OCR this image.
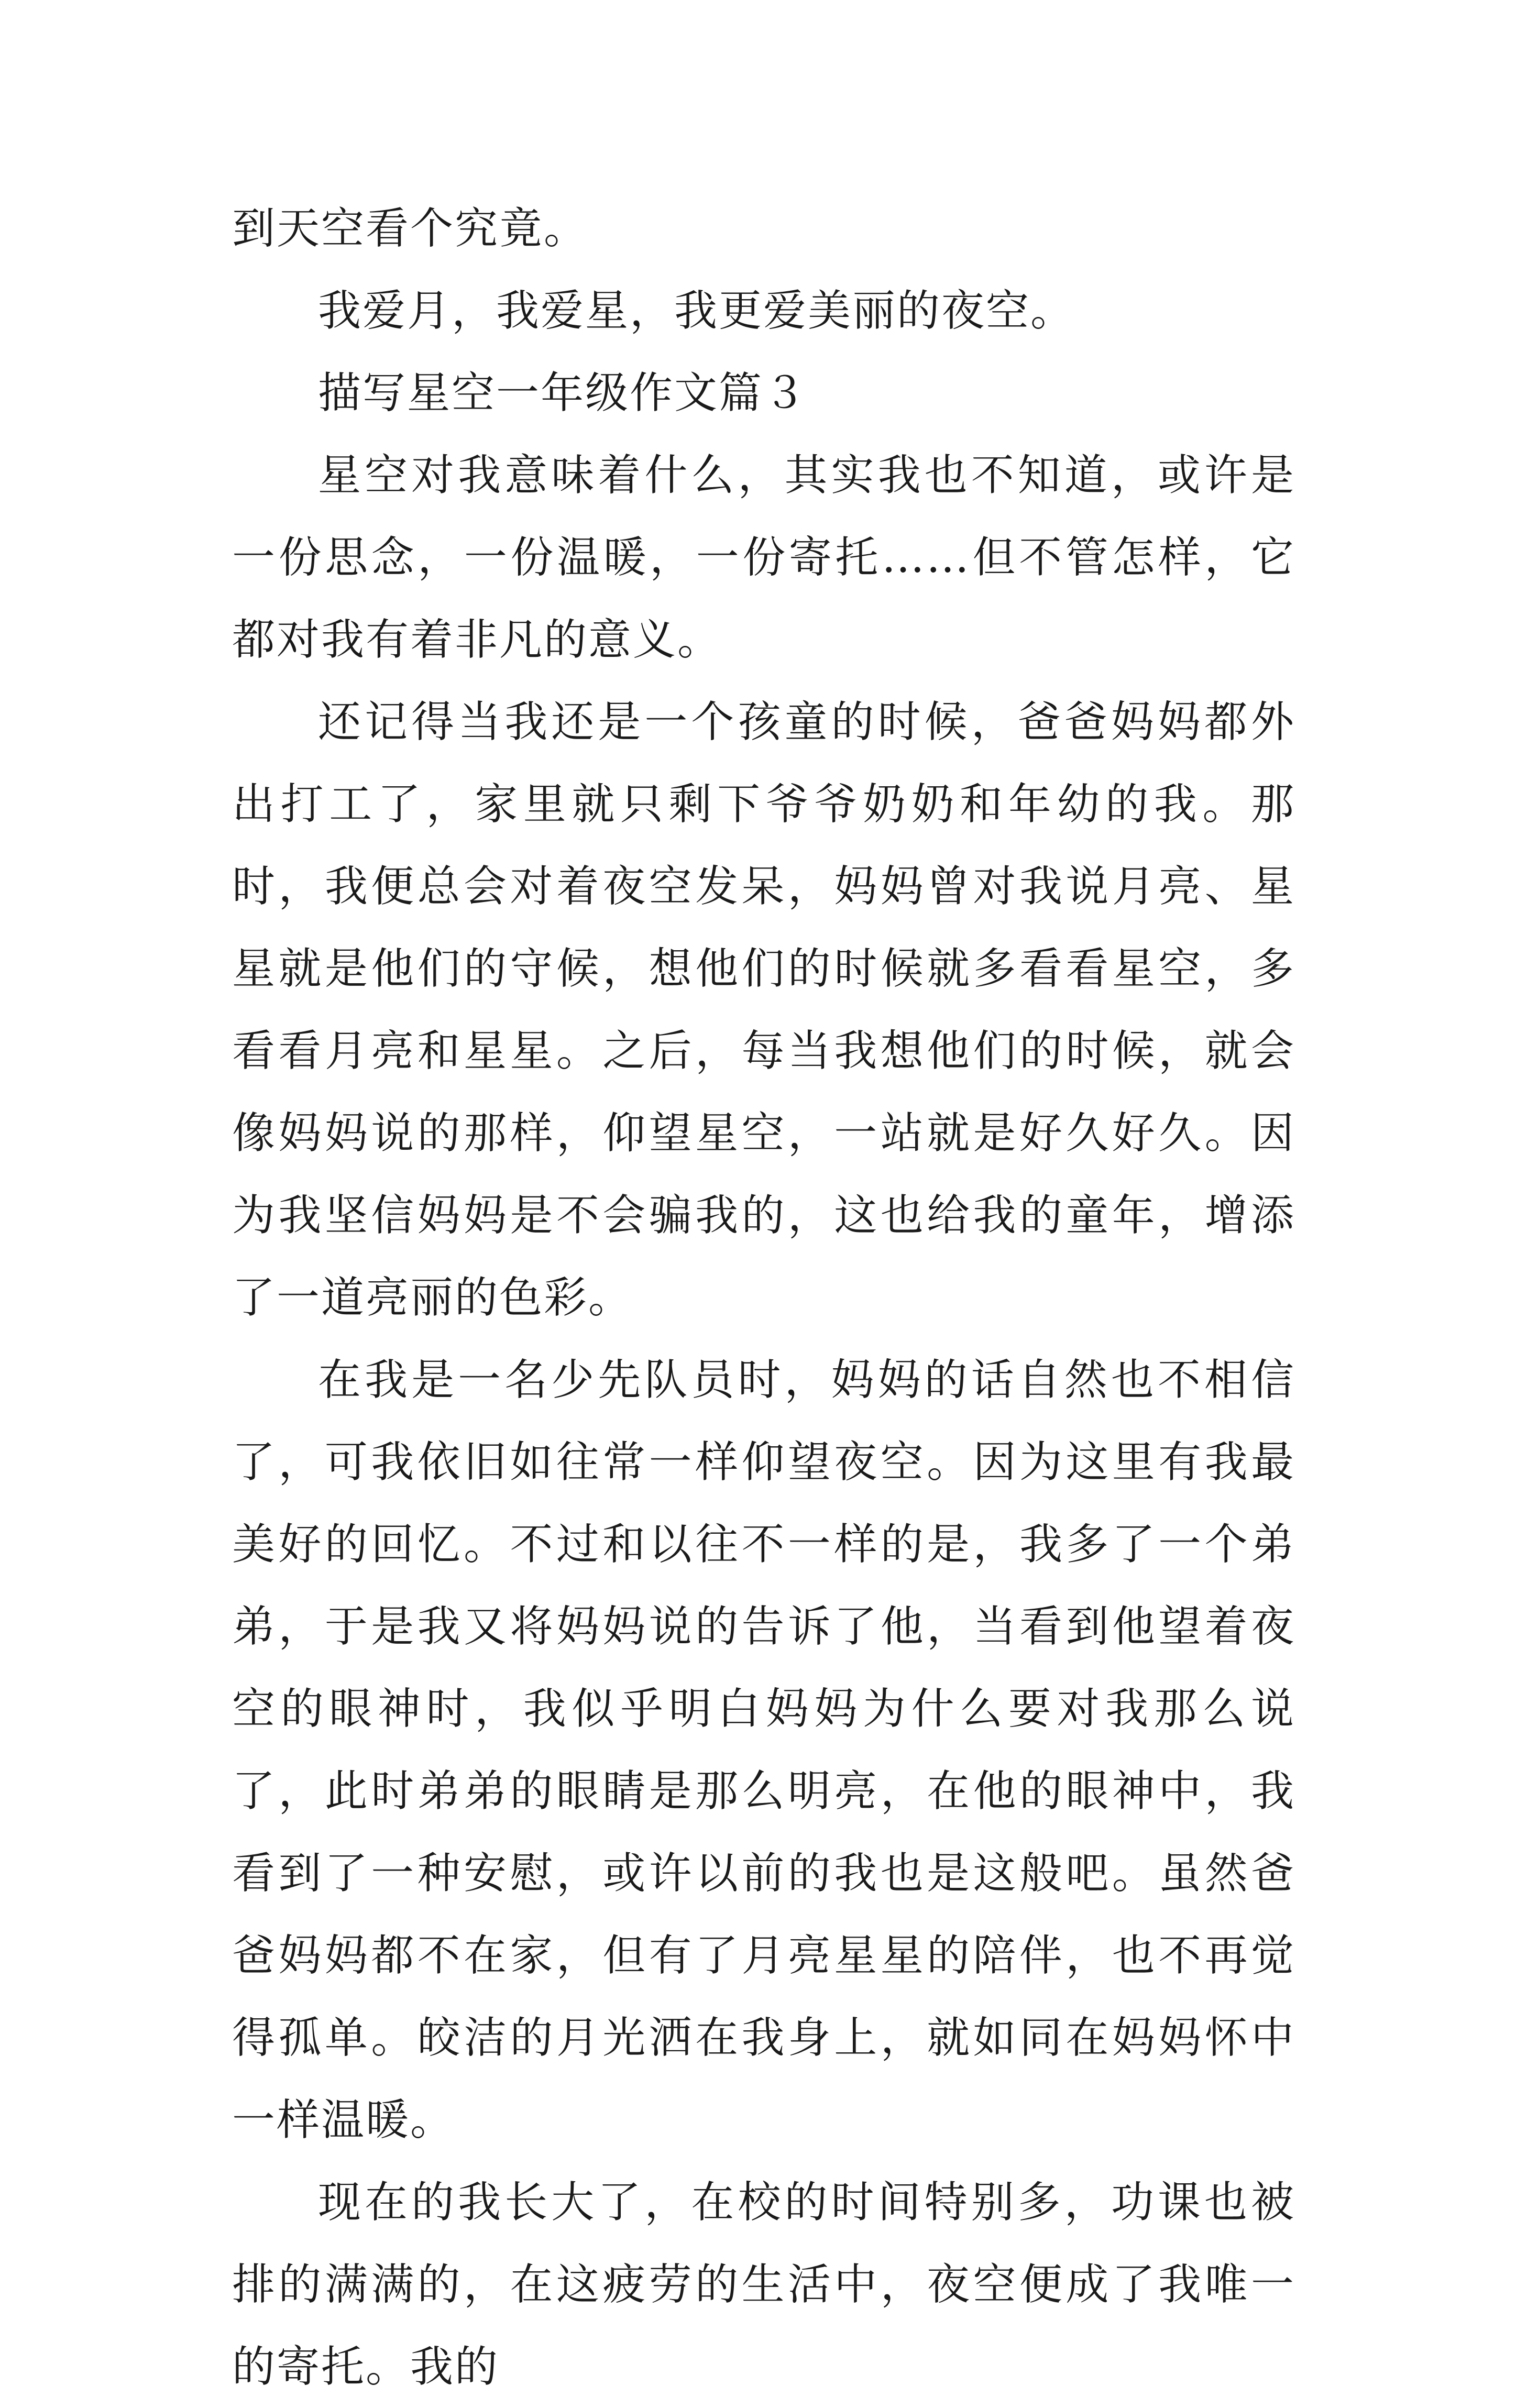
到天空看个究竟。

我爱月，我爱星，我更爱美丽的夜空。

描写星空一年级作文篇３

星空对我意味着什么，其实我也不知道，或许是一份思念，一份温暖，一份寄托……但不管怎样，它都对我有着非凡的意义。

还记得当我还是一个孩童的时候，爸爸妈妈都外出打工了，家里就只剩下爷爷奶奶和年幼的我。那时，我便总会对着夜空发呆，妈妈曾对我说月亮、星星就是他们的守候，想他们的时候就多看看星空，多看看月亮和星星。之后，每当我想他们的时候，就会像妈妈说的那样，仰望星空，一站就是好久好久。因为我坚信妈妈是不会骗我的，这也给我的童年，增添了一道亮丽的色彩。

在我是一名少先队员时，妈妈的话自然也不相信了，可我依旧如往常一样仰望夜空。因为这里有我最美好的回忆。不过和以往不一样的是，我多了一个弟弟，于是我又将妈妈说的告诉了他，当看到他望着夜空的眼神时，我似乎明白妈妈为什么要对我那么说了，此时弟弟的眼睛是那么明亮，在他的眼神中，我看到了一种安慰，或许以前的我也是这般吧。虽然爸爸妈妈都不在家，但有了月亮星星的陪伴，也不再觉得孤单。皎洁的月光洒在我身上，就如同在妈妈怀中一样温暖。

现在的我长大了，在校的时间特别多，功课也被排的满满的，在这疲劳的生活中，夜空便成了我唯一的寄托。我的
